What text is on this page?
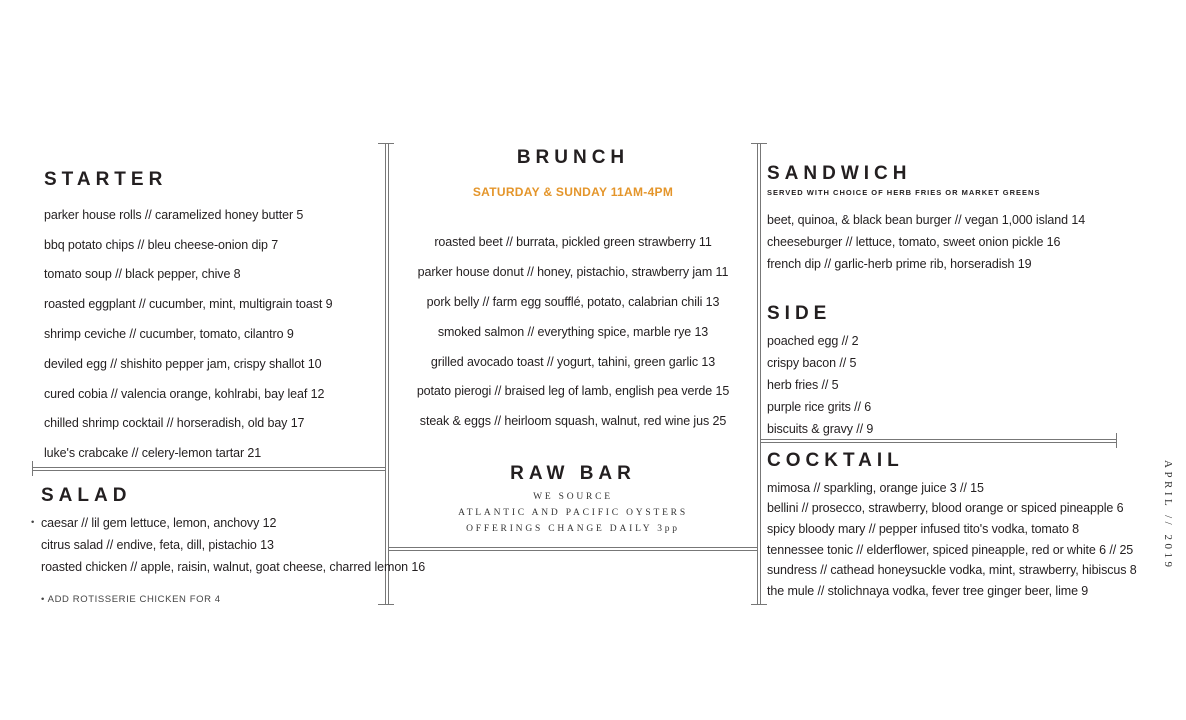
STARTER
parker house rolls // caramelized honey butter 5
bbq potato chips // bleu cheese-onion dip 7
tomato soup // black pepper, chive 8
roasted eggplant // cucumber, mint, multigrain toast 9
shrimp ceviche // cucumber, tomato, cilantro 9
deviled egg // shishito pepper jam, crispy shallot 10
cured cobia // valencia orange, kohlrabi, bay leaf 12
chilled shrimp cocktail // horseradish, old bay 17
luke's crabcake // celery-lemon tartar 21
SALAD
• caesar // lil gem lettuce, lemon, anchovy 12
citrus salad // endive, feta, dill, pistachio 13
roasted chicken // apple, raisin, walnut, goat cheese, charred lemon 16
• ADD ROTISSERIE CHICKEN FOR 4
BRUNCH
SATURDAY & SUNDAY 11AM-4PM
roasted beet // burrata, pickled green strawberry 11
parker house donut // honey, pistachio, strawberry jam 11
pork belly // farm egg soufflé, potato, calabrian chili 13
smoked salmon // everything spice, marble rye 13
grilled avocado toast // yogurt, tahini, green garlic 13
potato pierogi // braised leg of lamb, english pea verde 15
steak & eggs // heirloom squash, walnut, red wine jus 25
RAW BAR
WE SOURCE
ATLANTIC AND PACIFIC OYSTERS
OFFERINGS CHANGE DAILY 3pp
SANDWICH
SERVED WITH CHOICE OF HERB FRIES OR MARKET GREENS
beet, quinoa, & black bean burger // vegan 1,000 island 14
cheeseburger // lettuce, tomato, sweet onion pickle 16
french dip // garlic-herb prime rib, horseradish 19
SIDE
poached egg // 2
crispy bacon // 5
herb fries // 5
purple rice grits // 6
biscuits & gravy // 9
COCKTAIL
mimosa // sparkling, orange juice 3 // 15
bellini // prosecco, strawberry, blood orange or spiced pineapple 6
spicy bloody mary // pepper infused tito's vodka, tomato 8
tennessee tonic // elderflower, spiced pineapple, red or white 6 // 25
sundress // cathead honeysuckle vodka, mint, strawberry, hibiscus 8
the mule // stolichnaya vodka, fever tree ginger beer, lime 9
APRIL // 2019
